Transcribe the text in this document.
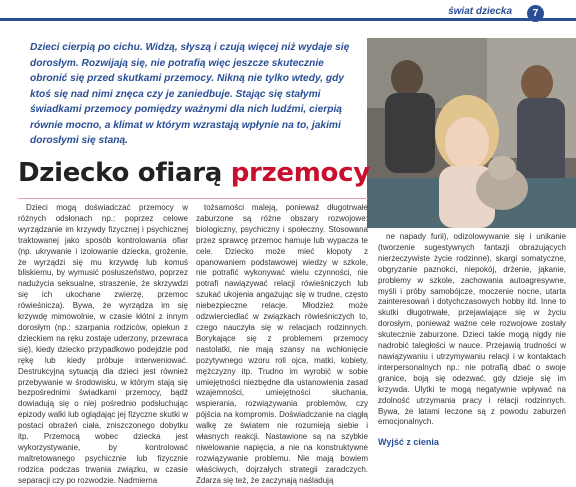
świat dziecka	7
Dzieci cierpią po cichu. Widzą, słyszą i czują więcej niż wydaje się dorosłym. Rozwijają się, nie potrafią więc jeszcze skutecznie obronić się przed skutkami przemocy. Nikną nie tylko wtedy, gdy ktoś się nad nimi znęca czy je zaniedbuje. Stając się stałymi świadkami przemocy pomiędzy ważnymi dla nich ludźmi, cierpią równie mocno, a klimat w którym wzrastają wpłynie na to, jakimi dorosłymi się staną.
Dziecko ofiarą przemocy

Dzieci mogą doświadczać przemocy w różnych odsłonach np.: poprzez celowe wyrządzanie im krzywdy fizycznej i psychicznej traktowanej jako sposób kontrolowania ofiar (np. ukrywanie i izolowanie dziecka, grożenie, że wyrządzi się mu krzywdę lub komuś bliskiemu, by wymusić posłuszeństwo, poprzez nadużycia seksualne, straszenie, że skrzywdzi się ich ukochane zwierzę, przemoc rówieśnicza). Bywa, że wyrządza im się krzywdę mimowolnie, w czasie kłótni z innym dorosłym (np.: szarpania rodziców, opiekun z dzieckiem na ręku zostaje uderzony, przewraca się), kiedy dziecko przypadkowo podejdzie pod rękę lub kiedy próbuje interweniować. Destrukcyjną sytuacją dla dzieci jest również przebywanie w środowisku, w którym stają się bezpośrednimi świadkami przemocy, bądź dowiadują się o niej pośrednio podsłuchując epizody walki lub oglądając jej fizyczne skutki w postaci obrażeń ciała, zniszczonego dobytku itp. Przemocą wobec dziecka jest wykorzystywanie, by kontrolować maltretowanego psychicznie lub fizycznie rodzica podczas trwania związku, w czasie separacji czy po rozwodzie. Nadmierna

tożsamości maleją, ponieważ długotrwałe zaburzone są różne obszary rozwojowe: biologiczny, psychiczny i społeczny. Stosowana przez sprawcę przemoc hamuje lub wypacza te cele. Dziecko może mieć kłopoty z opanowaniem podstawowej wiedzy w szkole, nie potrafić wykonywać wielu czynności, nie potrafi nawiązywać relacji rówieśniczych lub szukać ukojenia angażując się w trudne, często niebezpieczne relacje. Młodzież może odzwierciedlać w związkach rówieśniczych to, czego nauczyła się w relacjach rodzinnych. Borykające się z problemem przemocy nastolatki, nie mają szansy na wchłonięcie pozytywnego wzoru roli ojca, matki, kobiety, mężczyzny itp. Trudno im wyrobić w sobie umiejętności niezbędne dla ustanowienia zasad wzajemności, umiejętności słuchania, wspierania, rozwiązywania problemów, czy pójścia na kompromis. Doświadczanie na ciągłą walkę ze światem nie rozumieją siebie i własnych reakcji. Nastawione są na szybkie niwelowanie napięcia, a nie na konstruktywne rozwiązywanie problemu. Nie mają bowiem właściwych, dojrzałych strategii zaradczych. Zdarza się też, że zaczynają naśladują

ne napady furii), odizolowywanie się i unikanie (tworzenie sugestywnych fantazji obrazujących nierzeczywiste życie rodzinne), skargi somatyczne, obgryzanie paznokci, niepokój, drżenie, jąkanie, problemy w szkole, zachowania autoagresywne, myśli i próby samobójcze, moczenie nocne, utarta zainteresowań i dotychczasowych hobby itd. Inne to skutki długotrwałe, przejawiające się w życiu dorosłym, ponieważ ważne cele rozwojowe zostały skutecznie zaburzone. Dzieci takie mogą nigdy nie nadrobić taległości w nauce. Przejawią trudności w nawiązywaniu i utrzymywaniu relacji i w kontaktach interpersonalnych np.: nie potrafią dbać o swoje granice, boją się odezwać, gdy dzieje się im krzywda. Ulytki te mogą negatywnie wpływać na zdolność utrzymania pracy i relacji rodzinnych. Bywa, że latami leczone są z powodu zaburzeń emocjonalnych.

Wyjść z cienia
